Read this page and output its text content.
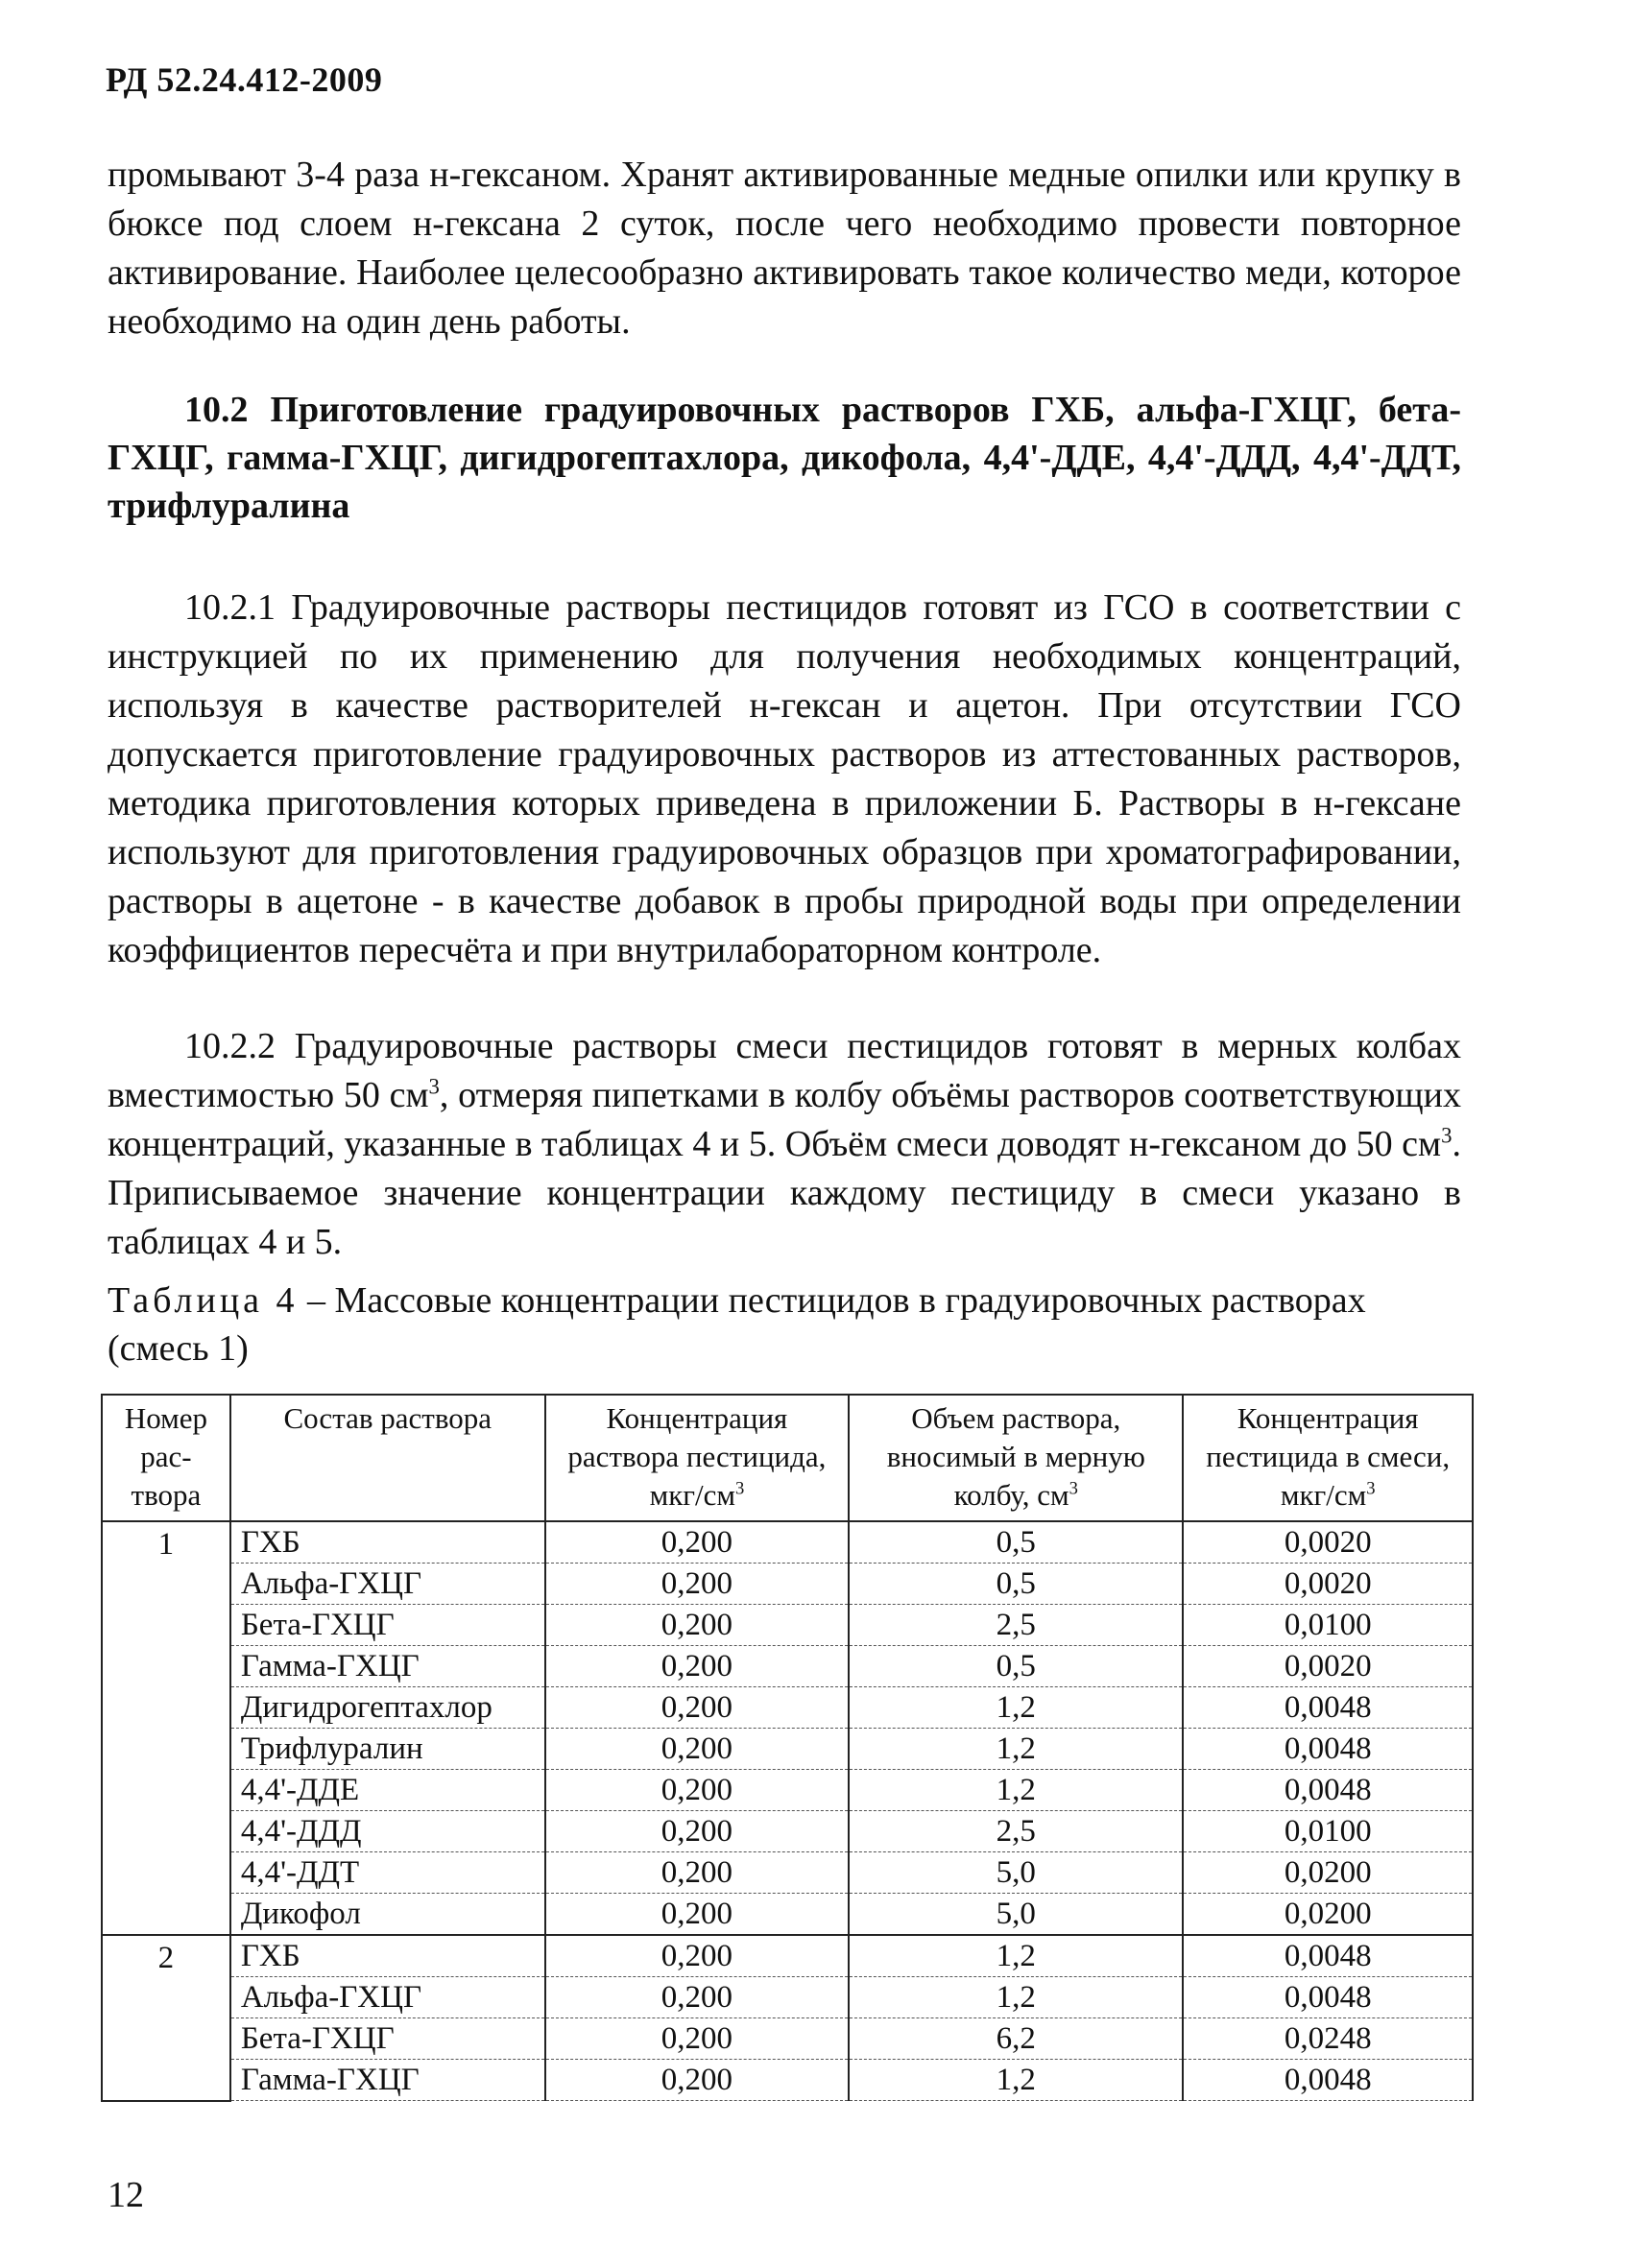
РД 52.24.412-2009

промывают 3-4 раза н-гексаном. Хранят активированные медные опилки или крупку в бюксе под слоем н-гексана 2 суток, после чего необходимо провести повторное активирование. Наиболее целесообразно активировать такое количество меди, которое необходимо на один день работы.

10.2 Приготовление градуировочных растворов ГХБ, альфа-ГХЦГ, бета-ГХЦГ, гамма-ГХЦГ, дигидрогептахлора, дикофола, 4,4'-ДДЕ, 4,4'-ДДД, 4,4'-ДДТ, трифлуралина

10.2.1 Градуировочные растворы пестицидов готовят из ГСО в соответствии с инструкцией по их применению для получения необходимых концентраций, используя в качестве растворителей н-гексан и ацетон. При отсутствии ГСО допускается приготовление градуировочных растворов из аттестованных растворов, методика приготовления которых приведена в приложении Б. Растворы в н-гексане используют для приготовления градуировочных образцов при хроматографировании, растворы в ацетоне - в качестве добавок в пробы природной воды при определении коэффициентов пересчёта и при внутрилабораторном контроле.

10.2.2 Градуировочные растворы смеси пестицидов готовят в мерных колбах вместимостью 50 $см^3$, отмеряя пипетками в колбу объёмы растворов соответствующих концентраций, указанные в таблицах 4 и 5. Объём смеси доводят н-гексаном до 50 $см^3$. Приписываемое значение концентрации каждому пестициду в смеси указано в таблицах 4 и 5.

Таблица 4 – Массовые концентрации пестицидов в градуировочных растворах (смесь 1)

Номер рас-твора	Состав раствора	Концентрация раствора пестицида, мкг/$см^3$	Объем раствора, вносимый в мерную колбу, $см^3$	Концентрация пестицида в смеси, мкг/$см^3$
1	ГХБ	0,200	0,5	0,0020
	Альфа-ГХЦГ	0,200	0,5	0,0020
	Бета-ГХЦГ	0,200	2,5	0,0100
	Гамма-ГХЦГ	0,200	0,5	0,0020
	Дигидрогептахлор	0,200	1,2	0,0048
	Трифлуралин	0,200	1,2	0,0048
	4,4'-ДДЕ	0,200	1,2	0,0048
	4,4'-ДДД	0,200	2,5	0,0100
	4,4'-ДДТ	0,200	5,0	0,0200
	Дикофол	0,200	5,0	0,0200
2	ГХБ	0,200	1,2	0,0048
	Альфа-ГХЦГ	0,200	1,2	0,0048
	Бета-ГХЦГ	0,200	6,2	0,0248
	Гамма-ГХЦГ	0,200	1,2	0,0048
12
